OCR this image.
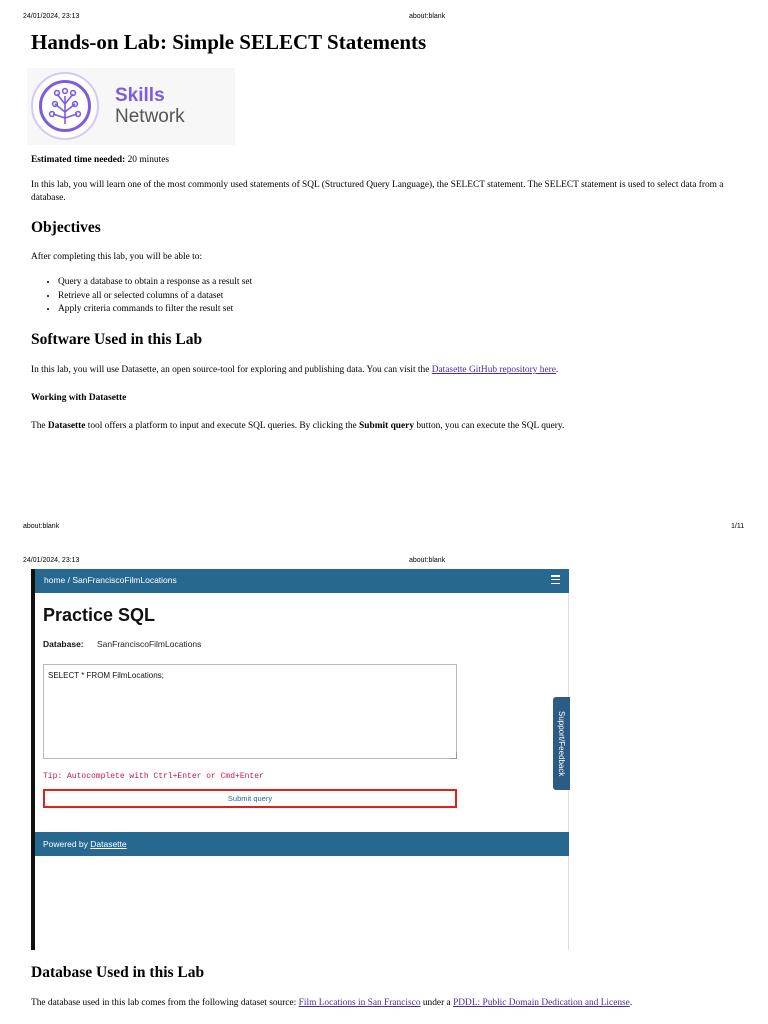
24/01/2024, 23:13	about:blank
Hands-on Lab: Simple SELECT Statements
Skills
Network

Estimated time needed: 20 minutes

In this lab, you will learn one of the most commonly used statements of SQL (Structured Query Language), the SELECT statement. The SELECT statement is used to select data from a database.

Objectives

After completing this lab, you will be able to:

• Query a database to obtain a response as a result set
• Retrieve all or selected columns of a dataset
• Apply criteria commands to filter the result set
Software Used in this Lab

In this lab, you will use Datasette, an open source-tool for exploring and publishing data. You can visit the Datasette GitHub repository here.

Working with Datasette

The Datasette tool offers a platform to input and execute SQL queries. By clicking the Submit query button, you can execute the SQL query.

about:blank	1/11
24/01/2024, 23:13	about:blank
home / SanFranciscoFilmLocations
Practice SQL
Database: SanFranciscoFilmLocations
SELECT * FROM FilmLocations;
Tip: Autocomplete with Ctrl+Enter or Cmd+Enter
Submit query
Powered by Datasette
Support/Feedback
Database Used in this Lab

The database used in this lab comes from the following dataset source: Film Locations in San Francisco under a PDDL: Public Domain Dedication and License.
